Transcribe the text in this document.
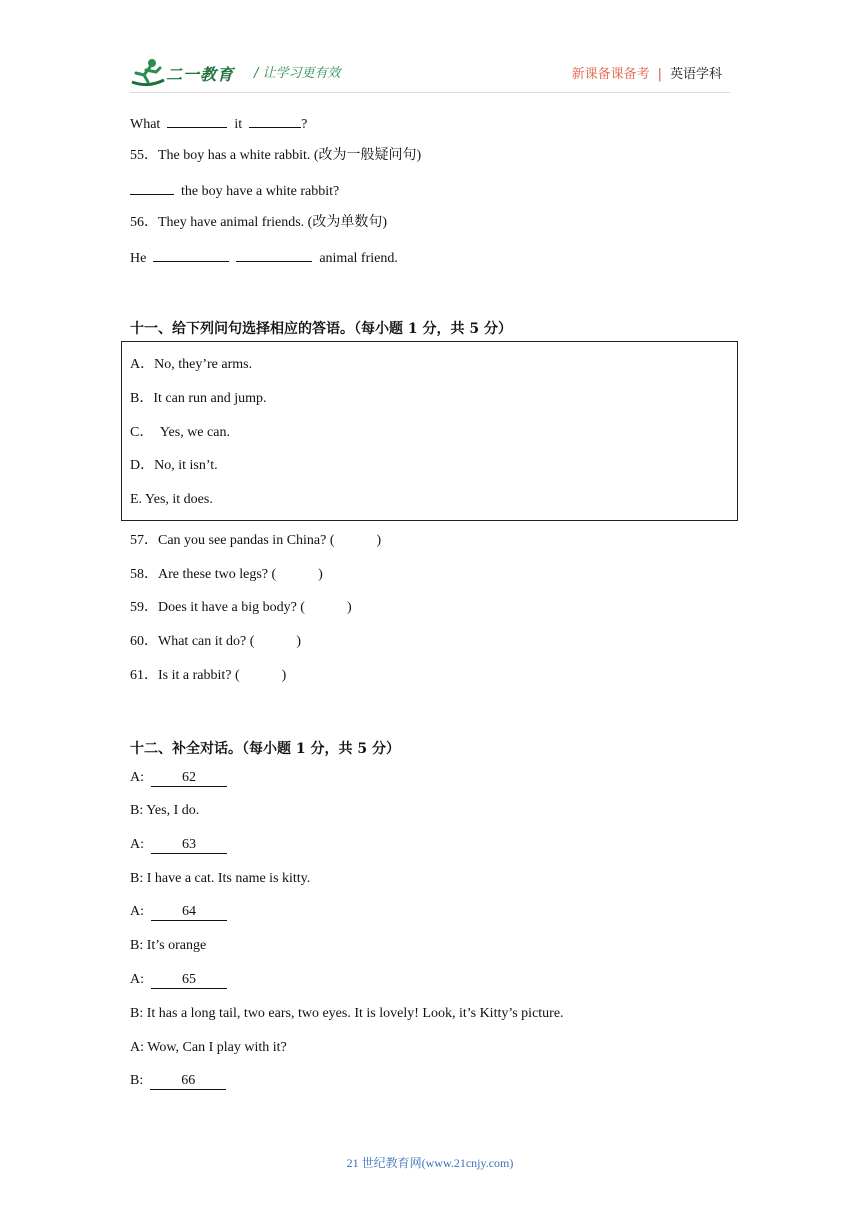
二一教育 / 让学习更有效	新课备课备考 | 英语学科
What	it	?
55．The boy has a white rabbit. (改为一般疑问句)
the boy have a white rabbit?
56．They have animal friends. (改为单数句)
He	animal friend.
十一、给下列问句选择相应的答语。（每小题 1 分，共 5 分）
A．No, they’re arms.
B．It can run and jump.
C．  Yes, we can.
D．No, it isn’t.
E. Yes, it does.
57．Can you see pandas in China? (            )
58．Are these two legs? (            )
59．Does it have a big body? (            )
60．What can it do? (            )
61．Is it a rabbit? (            )
十二、补全对话。（每小题 1 分，共 5 分）
A:	62
B: Yes, I do.
A:	63
B: I have a cat. Its name is kitty.
A:	64
B: It’s orange
A:	65
B: It has a long tail, two ears, two eyes. It is lovely! Look, it’s Kitty’s picture.
A: Wow, Can I play with it?
B:	66
21 世纪教育网(www.21cnjy.com)
